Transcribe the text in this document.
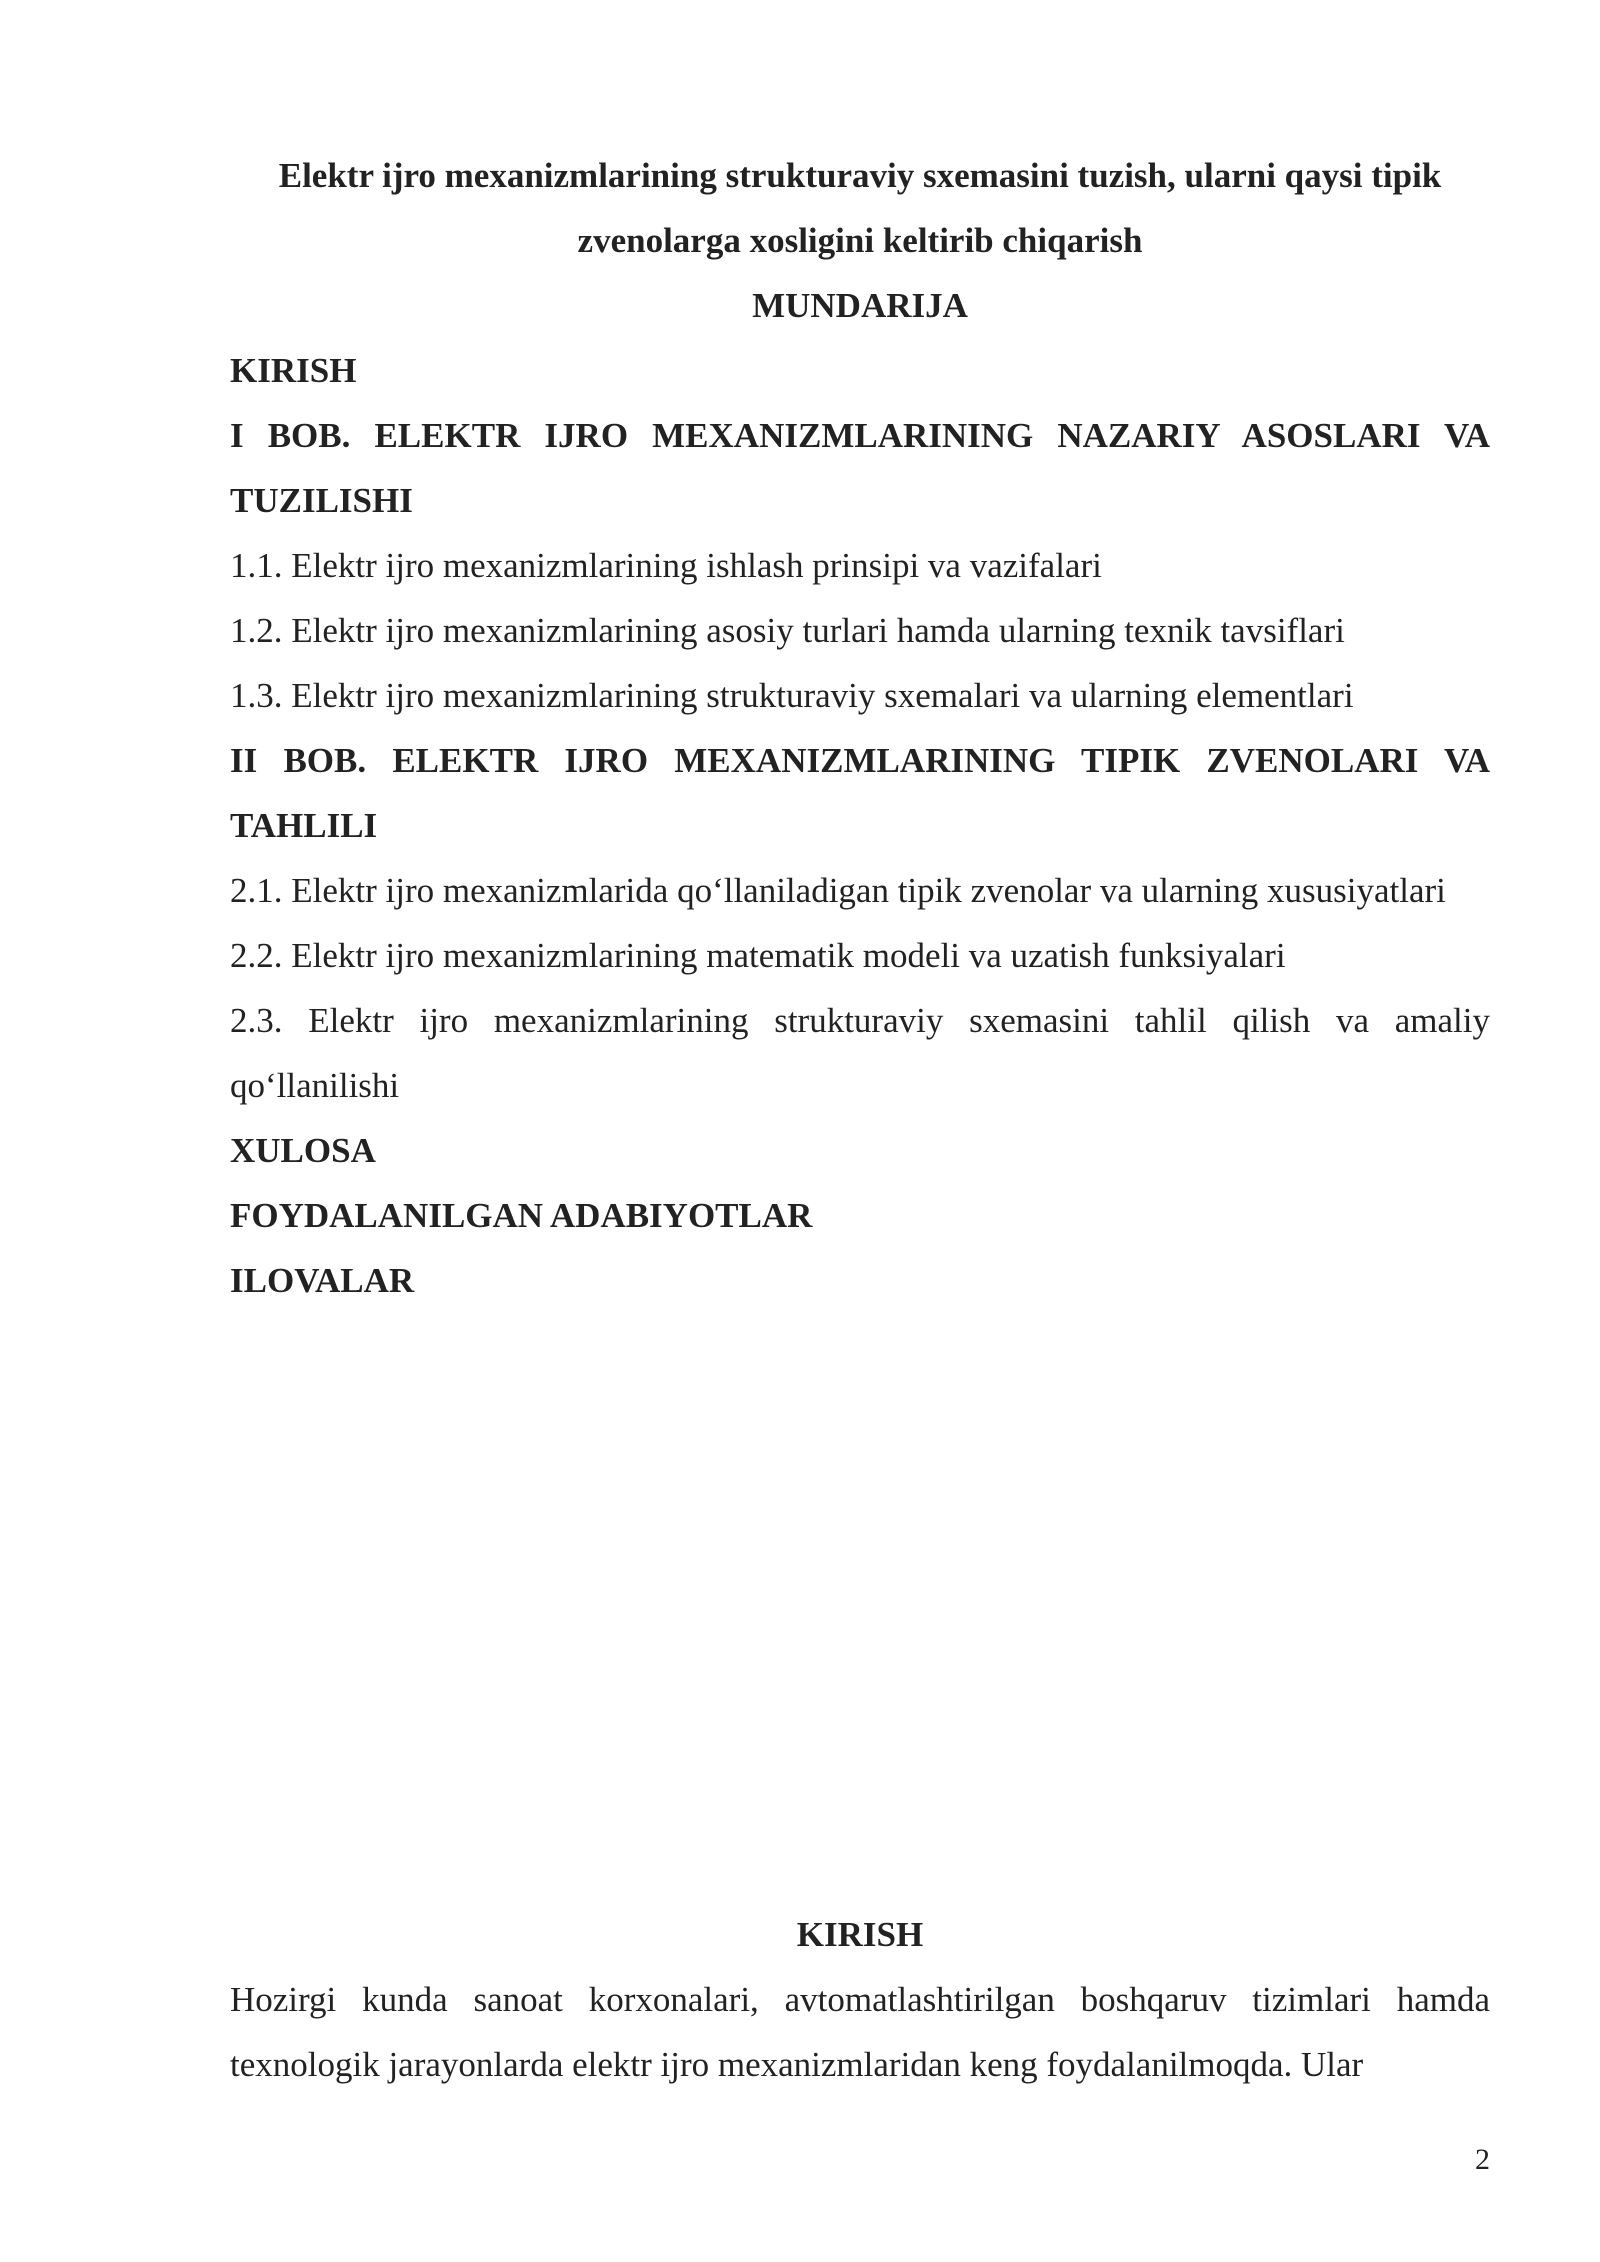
Elektr ijro mexanizmlarining strukturaviy sxemasini tuzish, ularni qaysi tipik zvenolarga xosligini keltirib chiqarish
MUNDARIJA
KIRISH
I BOB. ELEKTR IJRO MEXANIZMLARINING NAZARIY ASOSLARI VA TUZILISHI
1.1. Elektr ijro mexanizmlarining ishlash prinsipi va vazifalari
1.2. Elektr ijro mexanizmlarining asosiy turlari hamda ularning texnik tavsiflari
1.3. Elektr ijro mexanizmlarining strukturaviy sxemalari va ularning elementlari
II BOB. ELEKTR IJRO MEXANIZMLARINING TIPIK ZVENOLARI VA TAHLILI
2.1. Elektr ijro mexanizmlarida qo‘llaniladigan tipik zvenolar va ularning xususiyatlari
2.2. Elektr ijro mexanizmlarining matematik modeli va uzatish funksiyalari
2.3. Elektr ijro mexanizmlarining strukturaviy sxemasini tahlil qilish va amaliy qo‘llanilishi
XULOSA
FOYDALANILGAN ADABIYOTLAR
ILOVALAR
KIRISH
Hozirgi kunda sanoat korxonalari, avtomatlashtirilgan boshqaruv tizimlari hamda texnologik jarayonlarda elektr ijro mexanizmlaridan keng foydalanilmoqda. Ular
2
